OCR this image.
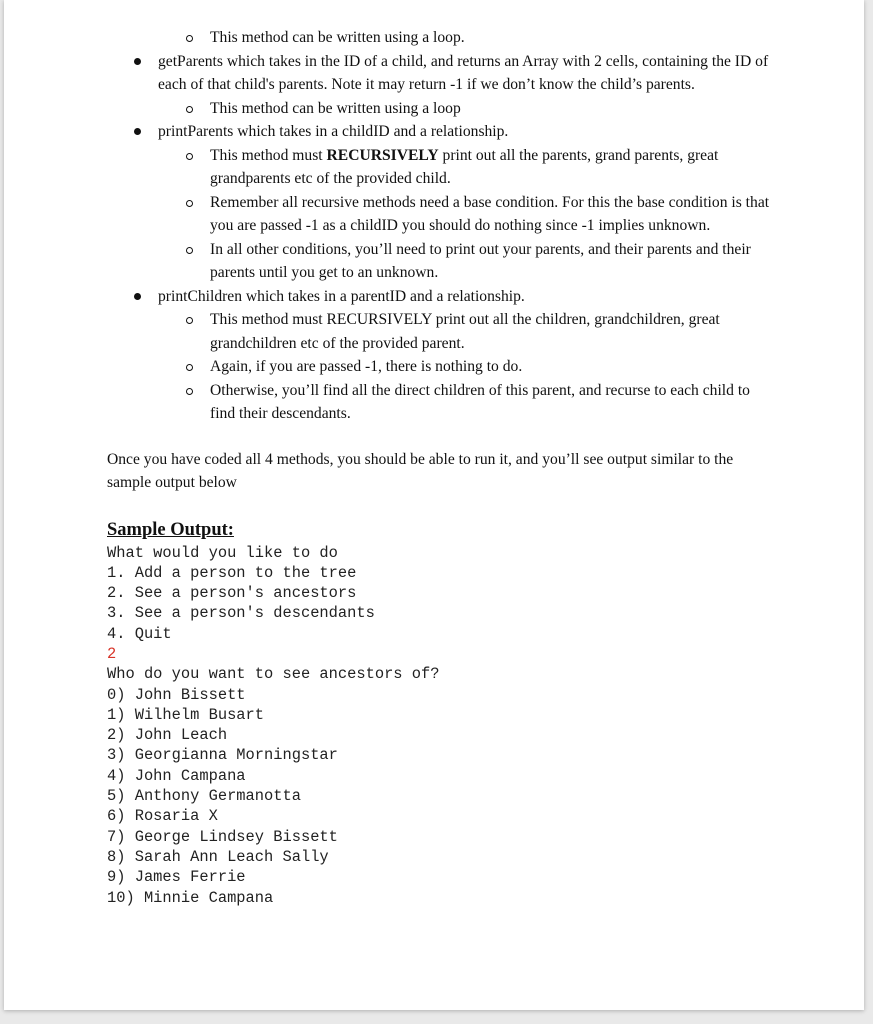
This method can be written using a loop.
getParents which takes in the ID of a child, and returns an Array with 2 cells, containing the ID of each of that child's parents. Note it may return -1 if we don’t know the child’s parents.
This method can be written using a loop
printParents which takes in a childID and a relationship.
This method must RECURSIVELY print out all the parents, grand parents, great grandparents etc of the provided child.
Remember all recursive methods need a base condition. For this the base condition is that you are passed -1 as a childID you should do nothing since -1 implies unknown.
In all other conditions, you’ll need to print out your parents, and their parents and their parents until you get to an unknown.
printChildren which takes in a parentID and a relationship.
This method must RECURSIVELY print out all the children, grandchildren, great grandchildren etc of the provided parent.
Again, if you are passed -1, there is nothing to do.
Otherwise, you’ll find all the direct children of this parent, and recurse to each child to find their descendants.

Once you have coded all 4 methods, you should be able to run it, and you’ll see output similar to the sample output below

Sample Output:
What would you like to do
1. Add a person to the tree
2. See a person's ancestors
3. See a person's descendants
4. Quit
2
Who do you want to see ancestors of?
0) John Bissett
1) Wilhelm Busart
2) John Leach
3) Georgianna Morningstar
4) John Campana
5) Anthony Germanotta
6) Rosaria X
7) George Lindsey Bissett
8) Sarah Ann Leach Sally
9) James Ferrie
10) Minnie Campana
